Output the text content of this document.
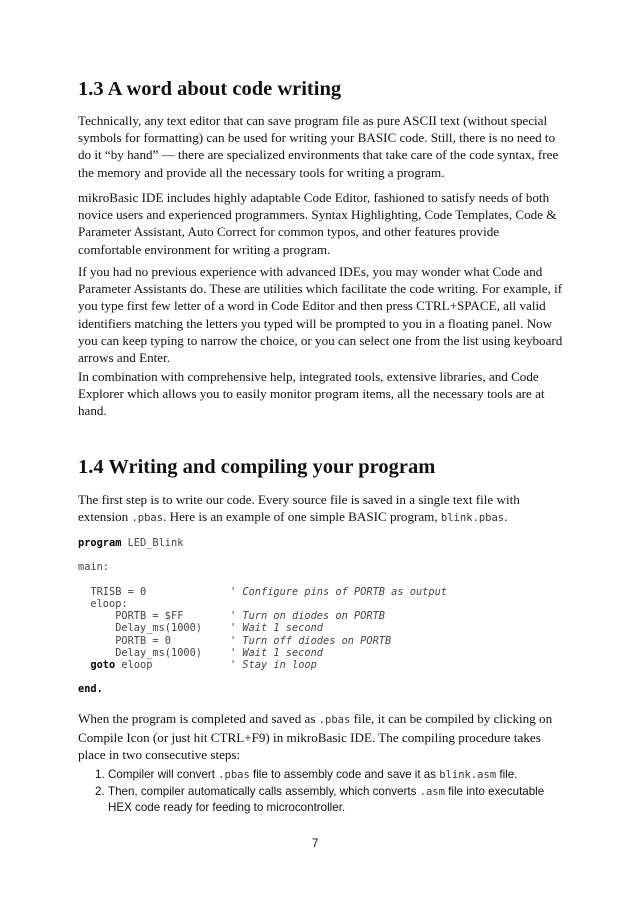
1.3 A word about code writing

Technically, any text editor that can save program file as pure ASCII text (without special symbols for formatting) can be used for writing your BASIC code. Still, there is no need to do it “by hand” — there are specialized environments that take care of the code syntax, free the memory and provide all the necessary tools for writing a program.

mikroBasic IDE includes highly adaptable Code Editor, fashioned to satisfy needs of both novice users and experienced programmers. Syntax Highlighting, Code Templates, Code & Parameter Assistant, Auto Correct for common typos, and other features provide comfortable environment for writing a program.

If you had no previous experience with advanced IDEs, you may wonder what Code and Parameter Assistants do. These are utilities which facilitate the code writing. For example, if you type first few letter of a word in Code Editor and then press CTRL+SPACE, all valid identifiers matching the letters you typed will be prompted to you in a floating panel. Now you can keep typing to narrow the choice, or you can select one from the list using keyboard arrows and Enter.

In combination with comprehensive help, integrated tools, extensive libraries, and Code Explorer which allows you to easily monitor program items, all the necessary tools are at hand.

1.4 Writing and compiling your program

The first step is to write our code. Every source file is saved in a single text file with extension .pbas. Here is an example of one simple BASIC program, blink.pbas.

program LED_Blink

main:

TRISB = 0	' Configure pins of PORTB as output
eloop:
PORTB = $FF	' Turn on diodes on PORTB
Delay_ms(1000)	' Wait 1 second
PORTB = 0	' Turn off diodes on PORTB
Delay_ms(1000)	' Wait 1 second
goto eloop	' Stay in loop

end.

When the program is completed and saved as .pbas file, it can be compiled by clicking on Compile Icon (or just hit CTRL+F9) in mikroBasic IDE. The compiling procedure takes place in two consecutive steps:

1. Compiler will convert .pbas file to assembly code and save it as blink.asm file.
2. Then, compiler automatically calls assembly, which converts .asm file into executable HEX code ready for feeding to microcontroller.
7
